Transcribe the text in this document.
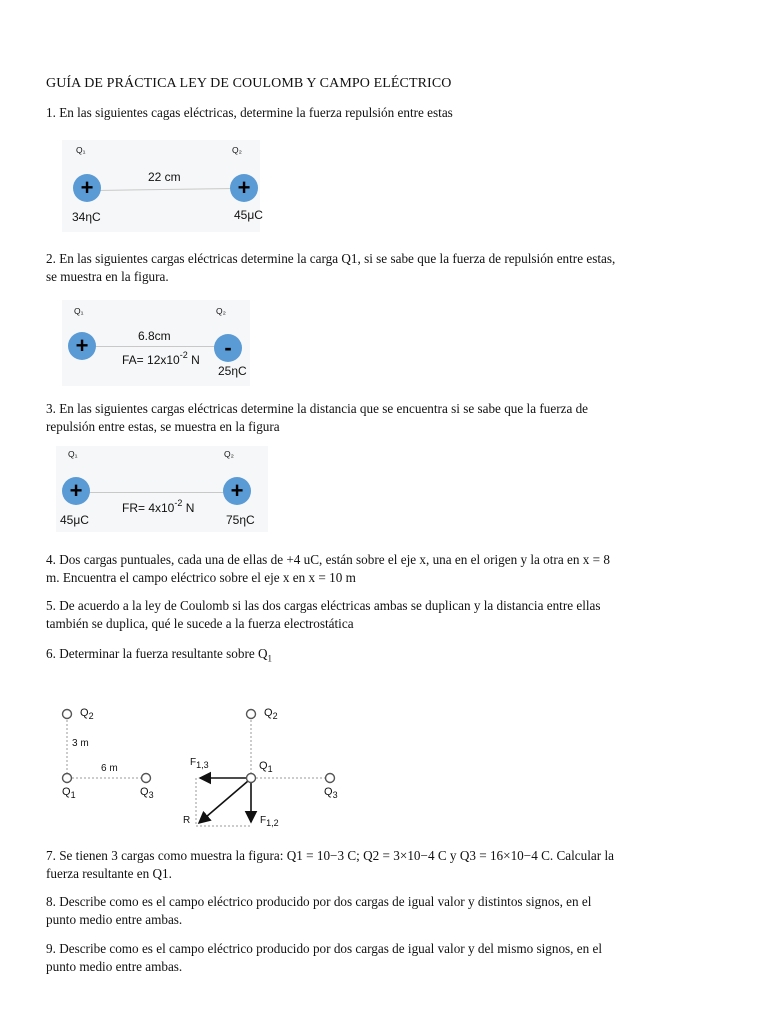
GUÍA DE PRÁCTICA LEY DE COULOMB Y CAMPO ELÉCTRICO
1. En las siguientes cagas eléctricas, determine la fuerza repulsión entre estas
Q₁	Q₂
+	+
22 cm
34ηC	45μC
2. En las siguientes cargas eléctricas determine la carga Q1, si se sabe que la fuerza de repulsión entre estas,
se muestra en la figura.
Q₁	Q₂
+	-
6.8cm
$FA= 12x10^{-2}$ N
25ηC
3. En las siguientes cargas eléctricas determine la distancia que se encuentra si se sabe que la fuerza de
repulsión entre estas, se muestra en la figura
Q₁	Q₂
+	+
$FR= 4x10^{-2}$ N
45μC	75ηC
4. Dos cargas puntuales, cada una de ellas de +4 uC, están sobre el eje x, una en el origen y la otra en x = 8
m. Encuentra el campo eléctrico sobre el eje x en x = 10 m
5. De acuerdo a la ley de Coulomb si las dos cargas eléctricas ambas se duplican y la distancia entre ellas
también se duplica, qué le sucede a la fuerza electrostática
6. Determinar la fuerza resultante sobre $Q_1$
$Q_2$
3 m
6 m
$Q_1$	$Q_3$
$Q_2$
$F_{1,3}$	$Q_1$
$Q_3$
R	$F_{1,2}$
7. Se tienen 3 cargas como muestra la figura: Q1 = 10−3 C; Q2 = 3×10−4 C y Q3 = 16×10−4 C. Calcular la
fuerza resultante en Q1.
8. Describe como es el campo eléctrico producido por dos cargas de igual valor y distintos signos, en el
punto medio entre ambas.
9. Describe como es el campo eléctrico producido por dos cargas de igual valor y del mismo signos, en el
punto medio entre ambas.
